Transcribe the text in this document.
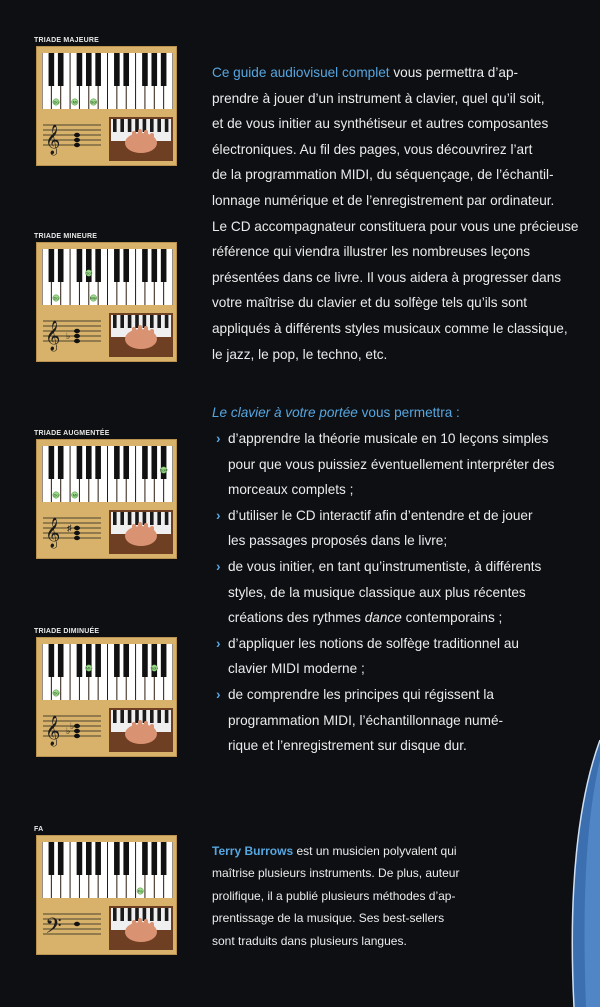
TRIADE MAJEURE
Do	Mi	Sol
𝄞
TRIADE MINEURE
Do	Mi♭
Sol
𝄞 ♭
TRIADE AUGMENTÉE
Do	Mi
Sol#
𝄞 ♯
TRIADE DIMINUÉE
Do
Mi♭	Sol♭
𝄞 ♭ ♭
FA
Fa
𝄢
Ce guide audiovisuel complet vous permettra d’ap-
prendre à jouer d’un instrument à clavier, quel qu’il soit,
et de vous initier au synthétiseur et autres composantes
électroniques. Au fil des pages, vous découvrirez l’art
de la programmation MIDI, du séquençage, de l’échantil-
lonnage numérique et de l’enregistrement par ordinateur.
Le CD accompagnateur constituera pour vous une précieuse
référence qui viendra illustrer les nombreuses leçons
présentées dans ce livre. Il vous aidera à progresser dans
votre maîtrise du clavier et du solfège tels qu’ils sont
appliqués à différents styles musicaux comme le classique,
le jazz, le pop, le techno, etc.
Le clavier à votre portée vous permettra :
› d’apprendre la théorie musicale en 10 leçons simples
pour que vous puissiez éventuellement interpréter des
morceaux complets ;
› d’utiliser le CD interactif afin d’entendre et de jouer
les passages proposés dans le livre;
› de vous initier, en tant qu’instrumentiste, à différents
styles, de la musique classique aux plus récentes
créations des rythmes dance contemporains ;
› d’appliquer les notions de solfège traditionnel au
clavier MIDI moderne ;
› de comprendre les principes qui régissent la
programmation MIDI, l’échantillonnage numé-
rique et l’enregistrement sur disque dur.
Terry Burrows est un musicien polyvalent qui
maîtrise plusieurs instruments. De plus, auteur
prolifique, il a publié plusieurs méthodes d’ap-
prentissage de la musique. Ses best-sellers
sont traduits dans plusieurs langues.
